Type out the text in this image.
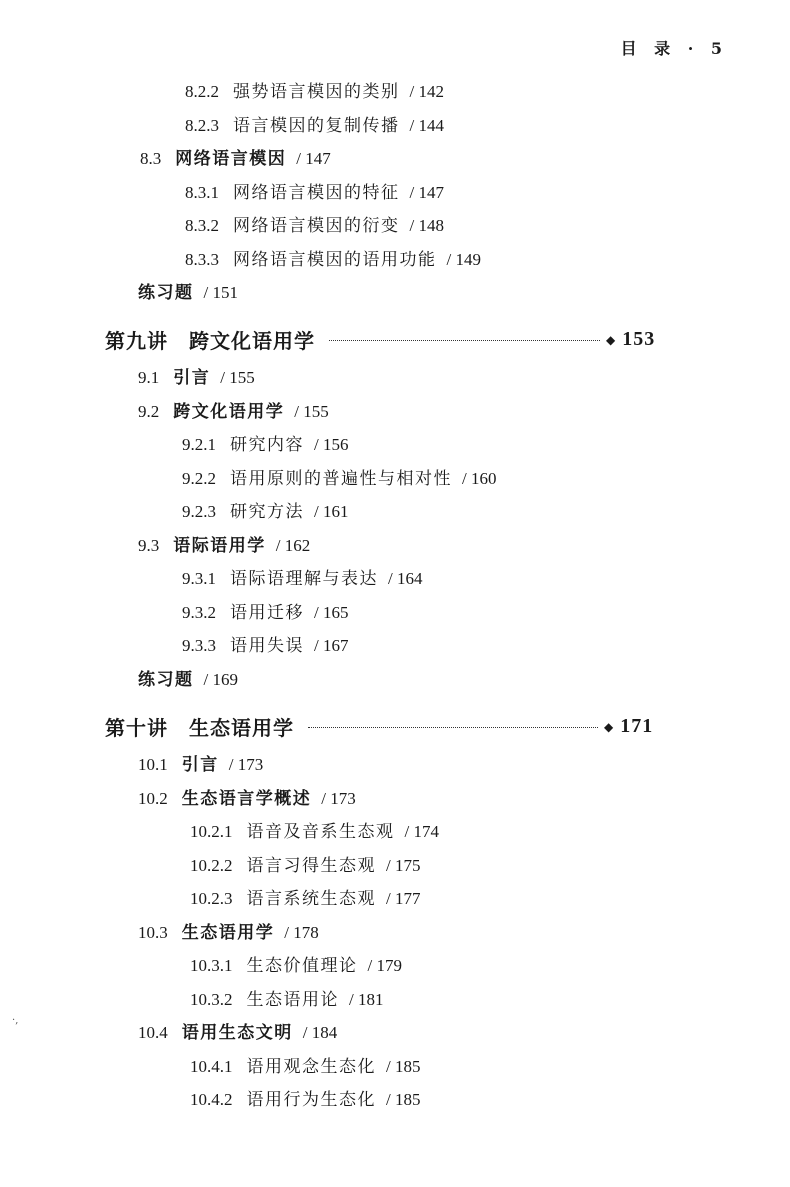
目 录 · 5
8.2.2 强势语言模因的类别 / 142
8.2.3 语言模因的复制传播 / 144
8.3 网络语言模因 / 147
8.3.1 网络语言模因的特征 / 147
8.3.2 网络语言模因的衍变 / 148
8.3.3 网络语言模因的语用功能 / 149
练习题 / 151
第九讲　跨文化语用学	◆ 153
9.1 引言 / 155
9.2 跨文化语用学 / 155
9.2.1 研究内容 / 156
9.2.2 语用原则的普遍性与相对性 / 160
9.2.3 研究方法 / 161
9.3 语际语用学 / 162
9.3.1 语际语理解与表达 / 164
9.3.2 语用迁移 / 165
9.3.3 语用失误 / 167
练习题 / 169
第十讲　生态语用学	◆ 171
10.1 引言 / 173
10.2 生态语言学概述 / 173
10.2.1 语音及音系生态观 / 174
10.2.2 语言习得生态观 / 175
10.2.3 语言系统生态观 / 177
10.3 生态语用学 / 178
10.3.1 生态价值理论 / 179
10.3.2 生态语用论 / 181
10.4 语用生态文明 / 184
10.4.1 语用观念生态化 / 185
10.4.2 语用行为生态化 / 185
·‚
